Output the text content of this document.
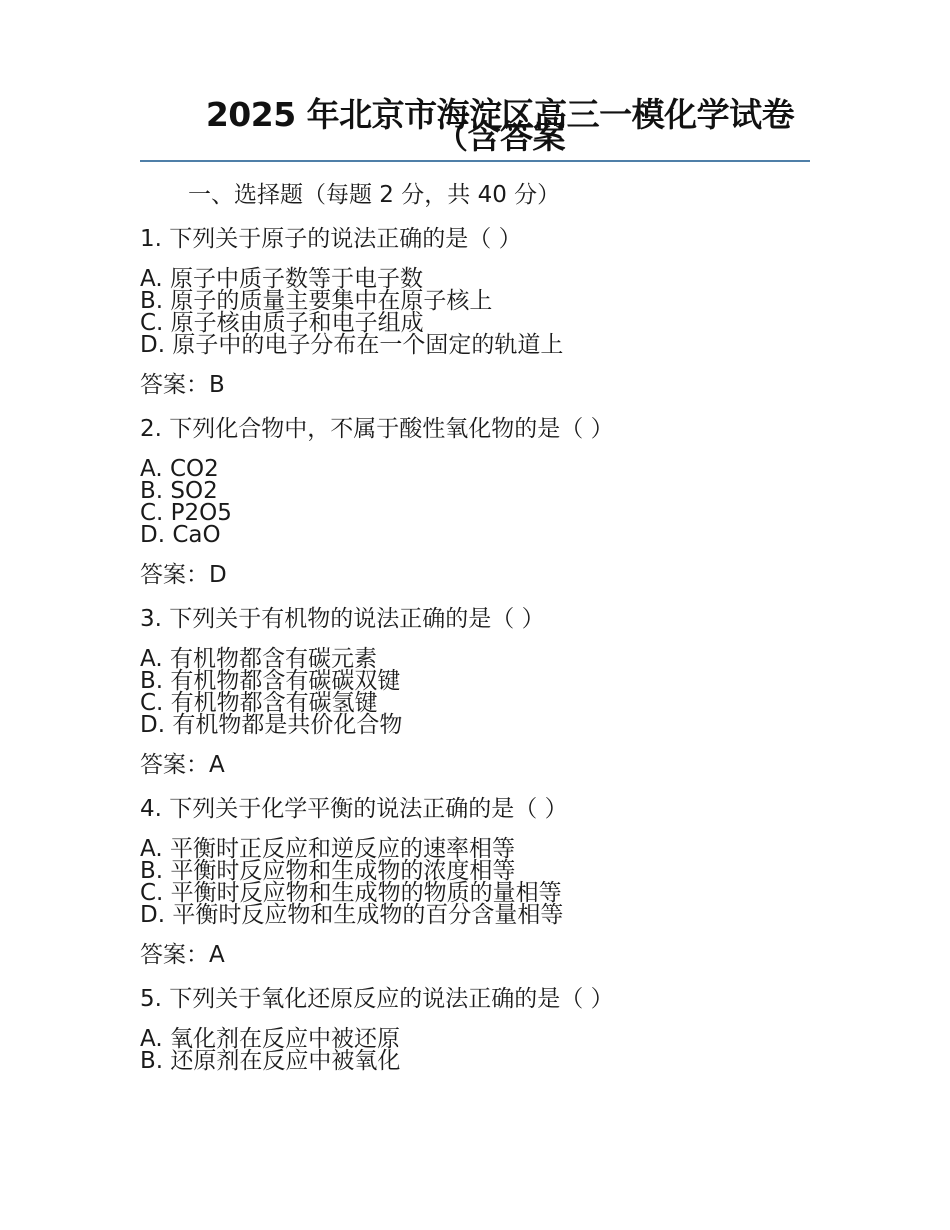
2025 年北京市海淀区高三一模化学试卷（含答案
一、选择题（每题 2 分，共 40 分）
1. 下列关于原子的说法正确的是（ ）
A. 原子中质子数等于电子数
B. 原子的质量主要集中在原子核上
C. 原子核由质子和电子组成
D. 原子中的电子分布在一个固定的轨道上
答案：B
2. 下列化合物中，不属于酸性氧化物的是（ ）
A. CO2
B. SO2
C. P2O5
D. CaO
答案：D
3. 下列关于有机物的说法正确的是（ ）
A. 有机物都含有碳元素
B. 有机物都含有碳碳双键
C. 有机物都含有碳氢键
D. 有机物都是共价化合物
答案：A
4. 下列关于化学平衡的说法正确的是（ ）
A. 平衡时正反应和逆反应的速率相等
B. 平衡时反应物和生成物的浓度相等
C. 平衡时反应物和生成物的物质的量相等
D. 平衡时反应物和生成物的百分含量相等
答案：A
5. 下列关于氧化还原反应的说法正确的是（ ）
A. 氧化剂在反应中被还原
B. 还原剂在反应中被氧化
